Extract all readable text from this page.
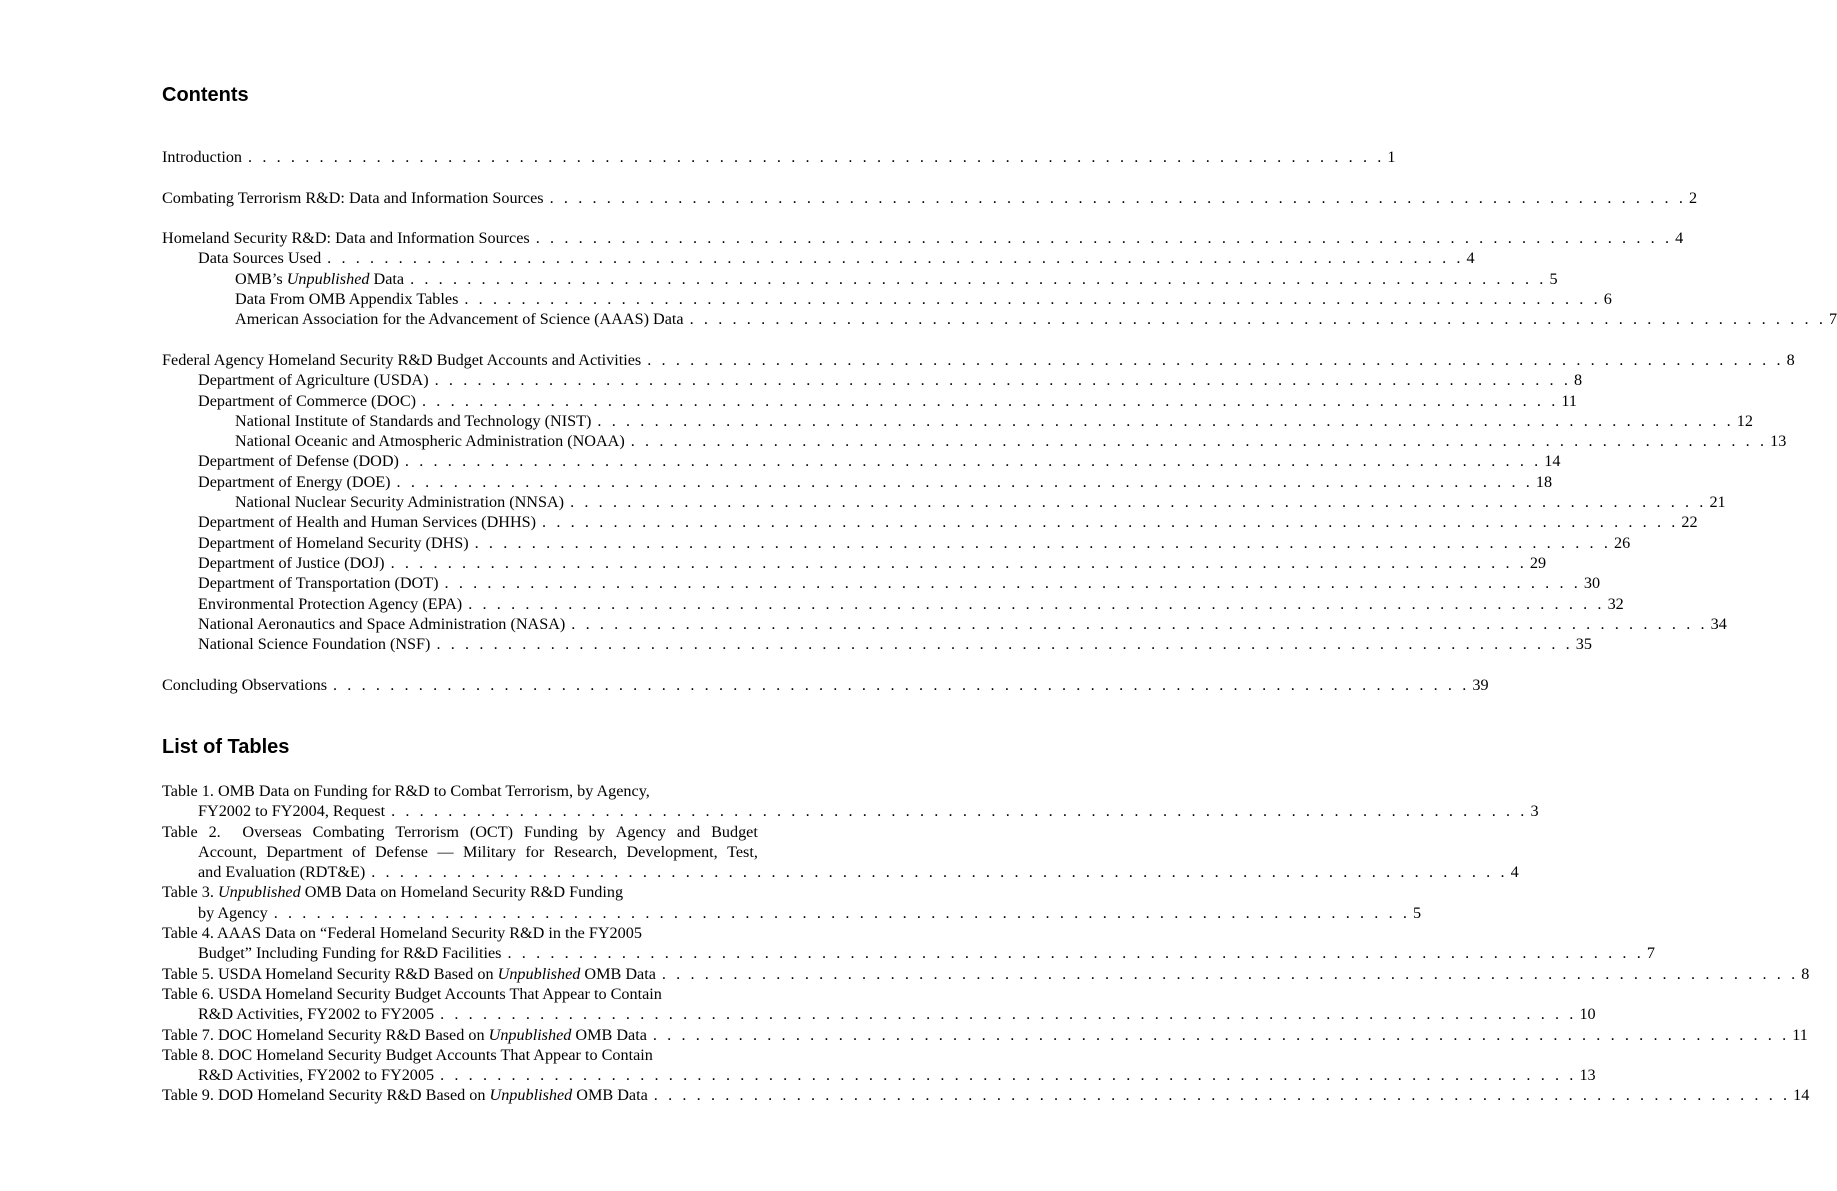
Contents
Introduction . . . . . . . . . . . . . . . . . . . . . . . . . . . . . . . . . . . . . . . . . . . . . . . . . . . . . . . . . . . . . . . . . . . . . . . . . . . . . . . . 1
Combating Terrorism R&D: Data and Information Sources . . . . . . . . . . . . . . . . . . . . . . . . . . . . . . . . . . . . . . . . . . . . . . . . . . . . . . . . . . . . . . . . . . . . . . . . . . . . . . . . 2
Homeland Security R&D: Data and Information Sources . . . . . . . . . . . . . . . . . . . . . . . . . . . . . . . . . . . . . . . . . . . . . . . . . . . . . . . . . . . . . . . . . . . . . . . . . . . . . . . . 4
Data Sources Used . . . . . . . . . . . . . . . . . . . . . . . . . . . . . . . . . . . . . . . . . . . . . . . . . . . . . . . . . . . . . . . . . . . . . . . . . . . . . . . . 4
OMB’s Unpublished Data . . . . . . . . . . . . . . . . . . . . . . . . . . . . . . . . . . . . . . . . . . . . . . . . . . . . . . . . . . . . . . . . . . . . . . . . . . . . . . . . 5
Data From OMB Appendix Tables . . . . . . . . . . . . . . . . . . . . . . . . . . . . . . . . . . . . . . . . . . . . . . . . . . . . . . . . . . . . . . . . . . . . . . . . . . . . . . . . 6
American Association for the Advancement of Science (AAAS) Data . . . . . . . . . . . . . . . . . . . . . . . . . . . . . . . . . . . . . . . . . . . . . . . . . . . . . . . . . . . . . . . . . . . . . . . . . . . . . . . . 7
Federal Agency Homeland Security R&D Budget Accounts and Activities . . . . . . . . . . . . . . . . . . . . . . . . . . . . . . . . . . . . . . . . . . . . . . . . . . . . . . . . . . . . . . . . . . . . . . . . . . . . . . . . 8
Department of Agriculture (USDA) . . . . . . . . . . . . . . . . . . . . . . . . . . . . . . . . . . . . . . . . . . . . . . . . . . . . . . . . . . . . . . . . . . . . . . . . . . . . . . . . 8
Department of Commerce (DOC) . . . . . . . . . . . . . . . . . . . . . . . . . . . . . . . . . . . . . . . . . . . . . . . . . . . . . . . . . . . . . . . . . . . . . . . . . . . . . . . . 11
National Institute of Standards and Technology (NIST) . . . . . . . . . . . . . . . . . . . . . . . . . . . . . . . . . . . . . . . . . . . . . . . . . . . . . . . . . . . . . . . . . . . . . . . . . . . . . . . . 12
National Oceanic and Atmospheric Administration (NOAA) . . . . . . . . . . . . . . . . . . . . . . . . . . . . . . . . . . . . . . . . . . . . . . . . . . . . . . . . . . . . . . . . . . . . . . . . . . . . . . . . 13
Department of Defense (DOD) . . . . . . . . . . . . . . . . . . . . . . . . . . . . . . . . . . . . . . . . . . . . . . . . . . . . . . . . . . . . . . . . . . . . . . . . . . . . . . . . 14
Department of Energy (DOE) . . . . . . . . . . . . . . . . . . . . . . . . . . . . . . . . . . . . . . . . . . . . . . . . . . . . . . . . . . . . . . . . . . . . . . . . . . . . . . . . 18
National Nuclear Security Administration (NNSA) . . . . . . . . . . . . . . . . . . . . . . . . . . . . . . . . . . . . . . . . . . . . . . . . . . . . . . . . . . . . . . . . . . . . . . . . . . . . . . . . 21
Department of Health and Human Services (DHHS) . . . . . . . . . . . . . . . . . . . . . . . . . . . . . . . . . . . . . . . . . . . . . . . . . . . . . . . . . . . . . . . . . . . . . . . . . . . . . . . . 22
Department of Homeland Security (DHS) . . . . . . . . . . . . . . . . . . . . . . . . . . . . . . . . . . . . . . . . . . . . . . . . . . . . . . . . . . . . . . . . . . . . . . . . . . . . . . . . 26
Department of Justice (DOJ) . . . . . . . . . . . . . . . . . . . . . . . . . . . . . . . . . . . . . . . . . . . . . . . . . . . . . . . . . . . . . . . . . . . . . . . . . . . . . . . . 29
Department of Transportation (DOT) . . . . . . . . . . . . . . . . . . . . . . . . . . . . . . . . . . . . . . . . . . . . . . . . . . . . . . . . . . . . . . . . . . . . . . . . . . . . . . . . 30
Environmental Protection Agency (EPA) . . . . . . . . . . . . . . . . . . . . . . . . . . . . . . . . . . . . . . . . . . . . . . . . . . . . . . . . . . . . . . . . . . . . . . . . . . . . . . . . 32
National Aeronautics and Space Administration (NASA) . . . . . . . . . . . . . . . . . . . . . . . . . . . . . . . . . . . . . . . . . . . . . . . . . . . . . . . . . . . . . . . . . . . . . . . . . . . . . . . . 34
National Science Foundation (NSF) . . . . . . . . . . . . . . . . . . . . . . . . . . . . . . . . . . . . . . . . . . . . . . . . . . . . . . . . . . . . . . . . . . . . . . . . . . . . . . . . 35
Concluding Observations . . . . . . . . . . . . . . . . . . . . . . . . . . . . . . . . . . . . . . . . . . . . . . . . . . . . . . . . . . . . . . . . . . . . . . . . . . . . . . . . 39
List of Tables
Table 1. OMB Data on Funding for R&D to Combat Terrorism, by Agency,
FY2002 to FY2004, Request . . . . . . . . . . . . . . . . . . . . . . . . . . . . . . . . . . . . . . . . . . . . . . . . . . . . . . . . . . . . . . . . . . . . . . . . . . . . . . . . 3
Table 2. Overseas Combating Terrorism (OCT) Funding by Agency and Budget
Account, Department of Defense — Military for Research, Development, Test,
and Evaluation (RDT&E) . . . . . . . . . . . . . . . . . . . . . . . . . . . . . . . . . . . . . . . . . . . . . . . . . . . . . . . . . . . . . . . . . . . . . . . . . . . . . . . . 4
Table 3. Unpublished OMB Data on Homeland Security R&D Funding
by Agency . . . . . . . . . . . . . . . . . . . . . . . . . . . . . . . . . . . . . . . . . . . . . . . . . . . . . . . . . . . . . . . . . . . . . . . . . . . . . . . . 5
Table 4. AAAS Data on “Federal Homeland Security R&D in the FY2005
Budget” Including Funding for R&D Facilities . . . . . . . . . . . . . . . . . . . . . . . . . . . . . . . . . . . . . . . . . . . . . . . . . . . . . . . . . . . . . . . . . . . . . . . . . . . . . . . . 7
Table 5. USDA Homeland Security R&D Based on Unpublished OMB Data . . . . . . . . . . . . . . . . . . . . . . . . . . . . . . . . . . . . . . . . . . . . . . . . . . . . . . . . . . . . . . . . . . . . . . . . . . . . . . . . 8
Table 6. USDA Homeland Security Budget Accounts That Appear to Contain
R&D Activities, FY2002 to FY2005 . . . . . . . . . . . . . . . . . . . . . . . . . . . . . . . . . . . . . . . . . . . . . . . . . . . . . . . . . . . . . . . . . . . . . . . . . . . . . . . . 10
Table 7. DOC Homeland Security R&D Based on Unpublished OMB Data . . . . . . . . . . . . . . . . . . . . . . . . . . . . . . . . . . . . . . . . . . . . . . . . . . . . . . . . . . . . . . . . . . . . . . . . . . . . . . . . 11
Table 8. DOC Homeland Security Budget Accounts That Appear to Contain
R&D Activities, FY2002 to FY2005 . . . . . . . . . . . . . . . . . . . . . . . . . . . . . . . . . . . . . . . . . . . . . . . . . . . . . . . . . . . . . . . . . . . . . . . . . . . . . . . . 13
Table 9. DOD Homeland Security R&D Based on Unpublished OMB Data . . . . . . . . . . . . . . . . . . . . . . . . . . . . . . . . . . . . . . . . . . . . . . . . . . . . . . . . . . . . . . . . . . . . . . . . . . . . . . . . 14
